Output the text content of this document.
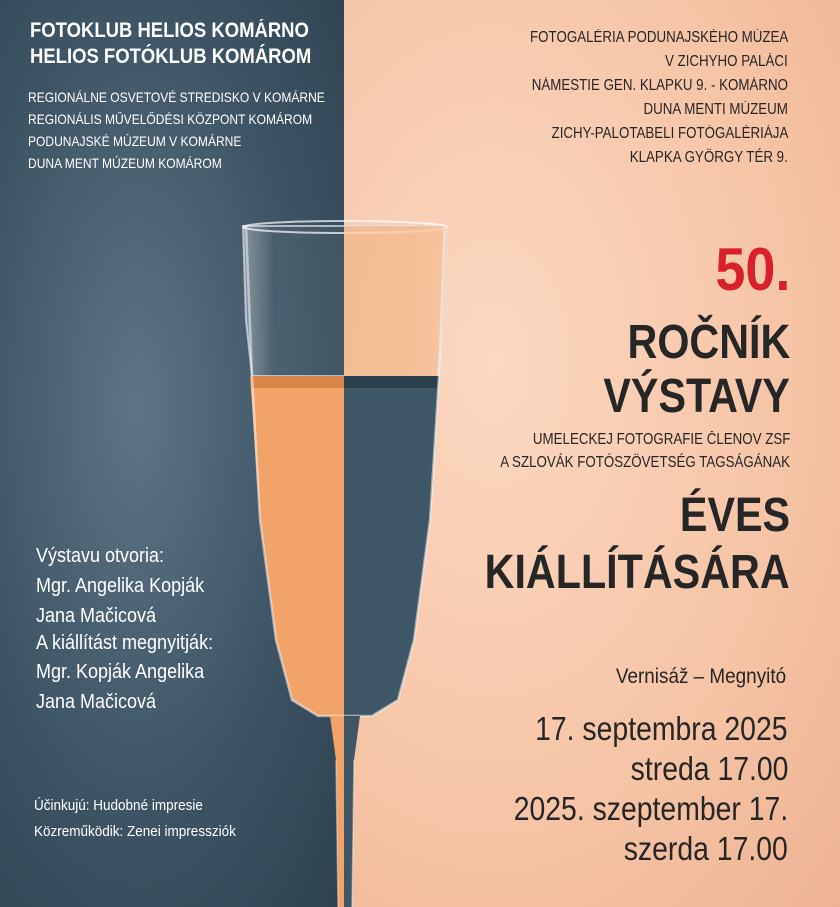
FOTOKLUB HELIOS KOMÁRNO
HELIOS FOTÓKLUB KOMÁROM
REGIONÁLNE OSVETOVÉ STREDISKO V KOMÁRNE
REGIONÁLIS MŰVELŐDÉSI KÖZPONT KOMÁROM
PODUNAJSKÉ MÚZEUM V KOMÁRNE
DUNA MENT MÚZEUM KOMÁROM
FOTOGALÉRIA PODUNAJSKÉHO MÚZEA
V ZICHYHO PALÁCI
NÁMESTIE GEN. KLAPKU 9. - KOMÁRNO
DUNA MENTI MÚZEUM
ZICHY-PALOTABELI FOTÓGALÉRIÁJA
KLAPKA GYÖRGY TÉR 9.
50.
ROČNÍK
VÝSTAVY
UMELECKEJ FOTOGRAFIE ČLENOV ZSF
A SZLOVÁK FOTÓSZÖVETSÉG TAGSÁGÁNAK
ÉVES
KIÁLLÍTÁSÁRA
Výstavu otvoria:
Mgr. Angelika Kopják
Jana Mačicová
A kiállítást megnyitják:
Mgr. Kopják Angelika
Jana Mačicová
Účinkujú: Hudobné impresie
Közreműködik: Zenei impressziók
Vernisáž – Megnyitó
17. septembra 2025
streda 17.00
2025. szeptember 17.
szerda 17.00
